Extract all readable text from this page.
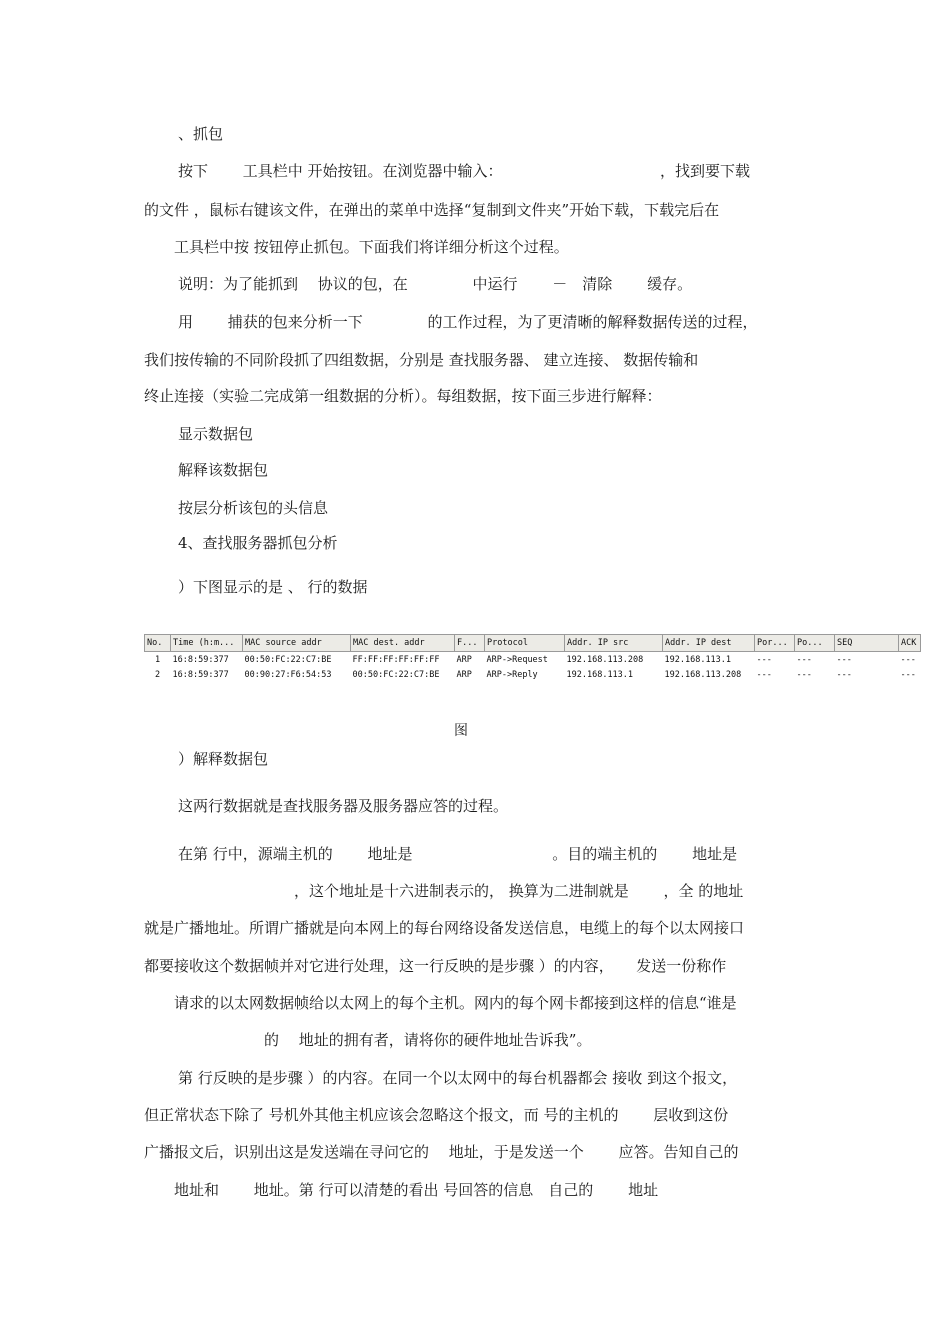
、抓包
按下 　　工具栏中 开始按钮。在浏览器中输入：　　　　　　　　　　　，找到要下载
的文件 ，鼠标右键该文件，在弹出的菜单中选择“复制到文件夹”开始下载，下载完后在
　　工具栏中按 按钮停止抓包。下面我们将详细分析这个过程。
说明：为了能抓到 　协议的包，在 　　　　中运行 　　－　清除 　　缓存。
用 　　捕获的包来分析一下 　　　　的工作过程，为了更清晰的解释数据传送的过程，
我们按传输的不同阶段抓了四组数据，分别是 查找服务器、 建立连接、 数据传输和
终止连接（实验二完成第一组数据的分析）。每组数据，按下面三步进行解释：
显示数据包
解释该数据包
按层分析该包的头信息
4、查找服务器抓包分析
）下图显示的是 、 行的数据
）解释数据包
这两行数据就是查找服务器及服务器应答的过程。
在第 行中，源端主机的 　　地址是 　　　　　　　　　。目的端主机的 　　地址是
　　　　　　　　　　，这个地址是十六进制表示的， 换算为二进制就是 　　，全 的地址
就是广播地址。所谓广播就是向本网上的每台网络设备发送信息，电缆上的每个以太网接口
都要接收这个数据帧并对它进行处理，这一行反映的是步骤 ）的内容，　　发送一份称作
　　请求的以太网数据帧给以太网上的每个主机。网内的每个网卡都接到这样的信息“谁是
　　　　　　　　的 　地址的拥有者，请将你的硬件地址告诉我”。
第 行反映的是步骤 ）的内容。在同一个以太网中的每台机器都会 接收 到这个报文，
但正常状态下除了 号机外其他主机应该会忽略这个报文，而 号的主机的 　　层收到这份
广播报文后，识别出这是发送端在寻问它的 　地址，于是发送一个 　　应答。告知自己的
　　地址和 　　地址。第 行可以清楚的看出 号回答的信息　自己的 　　地址
图
No.	Time (h:m...	MAC source addr	MAC dest. addr	F...	Protocol	Addr. IP src	Addr. IP dest	Por...	Po...	SEQ	ACK
1	16:8:59:377	00:50:FC:22:C7:BE	FF:FF:FF:FF:FF:FF	ARP	ARP->Request	192.168.113.208	192.168.113.1	---	---	---	---
2	16:8:59:377	00:90:27:F6:54:53	00:50:FC:22:C7:BE	ARP	ARP->Reply	192.168.113.1	192.168.113.208	---	---	---	---
